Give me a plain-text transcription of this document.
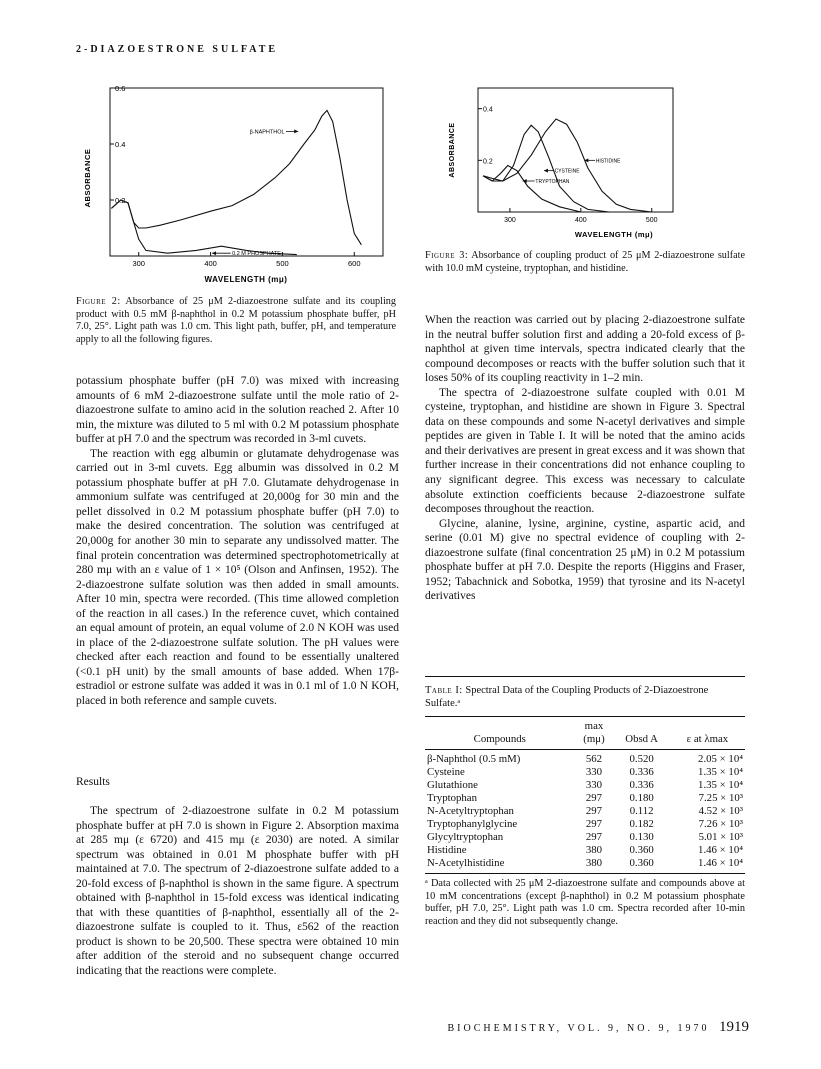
2-DIAZOESTRONE SULFATE
0.6
0.4
0.2
300	400	500	600
β-NAPHTHOL
0.2 M PHOSPHATE
ABSORBANCE
WAVELENGTH (mμ)
Figure 2: Absorbance of 25 μM 2-diazoestrone sulfate and its coupling product with 0.5 mM β-naphthol in 0.2 M potassium phosphate buffer, pH 7.0, 25°. Light path was 1.0 cm. This light path, buffer, pH, and temperature apply to all the following figures.
0.4
0.2
300	400	500
HISTIDINE
CYSTEINE
TRYPTOPHAN
ABSORBANCE
WAVELENGTH (mμ)
Figure 3: Absorbance of coupling product of 25 μM 2-diazoestrone sulfate with 10.0 mM cysteine, tryptophan, and histidine.

potassium phosphate buffer (pH 7.0) was mixed with increasing amounts of 6 mM 2-diazoestrone sulfate until the mole ratio of 2-diazoestrone sulfate to amino acid in the solution reached 2. After 10 min, the mixture was diluted to 5 ml with 0.2 M potassium phosphate buffer at pH 7.0 and the spectrum was recorded in 3-ml cuvets.

The reaction with egg albumin or glutamate dehydrogenase was carried out in 3-ml cuvets. Egg albumin was dissolved in 0.2 M potassium phosphate buffer at pH 7.0. Glutamate dehydrogenase in ammonium sulfate was centrifuged at 20,000g for 30 min and the pellet dissolved in 0.2 M potassium phosphate buffer (pH 7.0) to make the desired concentration. The solution was centrifuged at 20,000g for another 30 min to separate any undissolved matter. The final protein concentration was determined spectrophotometrically at 280 mμ with an ε value of 1 × 10⁵ (Olson and Anfinsen, 1952). The 2-diazoestrone sulfate solution was then added in small amounts. After 10 min, spectra were recorded. (This time allowed completion of the reaction in all cases.) In the reference cuvet, which contained an equal amount of protein, an equal volume of 2.0 N KOH was used in place of the 2-diazoestrone sulfate solution. The pH values were checked after each reaction and found to be essentially unaltered (<0.1 pH unit) by the small amounts of base added. When 17β-estradiol or estrone sulfate was added it was in 0.1 ml of 1.0 N KOH, placed in both reference and sample cuvets.

Results

The spectrum of 2-diazoestrone sulfate in 0.2 M potassium phosphate buffer at pH 7.0 is shown in Figure 2. Absorption maxima at 285 mμ (ε 6720) and 415 mμ (ε 2030) are noted. A similar spectrum was obtained in 0.01 M phosphate buffer with pH maintained at 7.0. The spectrum of 2-diazoestrone sulfate added to a 20-fold excess of β-naphthol is shown in the same figure. A spectrum obtained with β-naphthol in 15-fold excess was identical indicating that with these quantities of β-naphthol, essentially all of the 2-diazoestrone sulfate is coupled to it. Thus, ε562 of the reaction product is shown to be 20,500. These spectra were obtained 10 min after addition of the steroid and no subsequent change occurred indicating that the reactions were complete.

When the reaction was carried out by placing 2-diazoestrone sulfate in the neutral buffer solution first and adding a 20-fold excess of β-naphthol at given time intervals, spectra indicated clearly that the compound decomposes or reacts with the buffer solution such that it loses 50% of its coupling reactivity in 1–2 min.

The spectra of 2-diazoestrone sulfate coupled with 0.01 M cysteine, tryptophan, and histidine are shown in Figure 3. Spectral data on these compounds and some N-acetyl derivatives and simple peptides are given in Table I. It will be noted that the amino acids and their derivatives are present in great excess and it was shown that further increase in their concentrations did not enhance coupling to any significant degree. This excess was necessary to calculate absolute extinction coefficients because 2-diazoestrone sulfate decomposes throughout the reaction.

Glycine, alanine, lysine, arginine, cystine, aspartic acid, and serine (0.01 M) give no spectral evidence of coupling with 2-diazoestrone sulfate (final concentration 25 μM) in 0.2 M potassium phosphate buffer at pH 7.0. Despite the reports (Higgins and Fraser, 1952; Tabachnick and Sobotka, 1959) that tyrosine and its N-acetyl derivatives

Table I: Spectral Data of the Coupling Products of 2-Diazoestrone Sulfate.ᵃ
	max		
Compounds	(mμ)	Obsd A	ε at λmax
β-Naphthol (0.5 mM)	562	0.520	2.05 × 10⁴
Cysteine	330	0.336	1.35 × 10⁴
Glutathione	330	0.336	1.35 × 10⁴
Tryptophan	297	0.180	7.25 × 10³
N-Acetyltryptophan	297	0.112	4.52 × 10³
Tryptophanylglycine	297	0.182	7.26 × 10³
Glycyltryptophan	297	0.130	5.01 × 10³
Histidine	380	0.360	1.46 × 10⁴
N-Acetylhistidine	380	0.360	1.46 × 10⁴
ᵃ Data collected with 25 μM 2-diazoestrone sulfate and compounds above at 10 mM concentrations (except β-naphthol) in 0.2 M potassium phosphate buffer, pH 7.0, 25°. Light path was 1.0 cm. Spectra recorded after 10-min reaction and they did not subsequently change.
BIOCHEMISTRY, VOL. 9, NO. 9, 1970 1919
